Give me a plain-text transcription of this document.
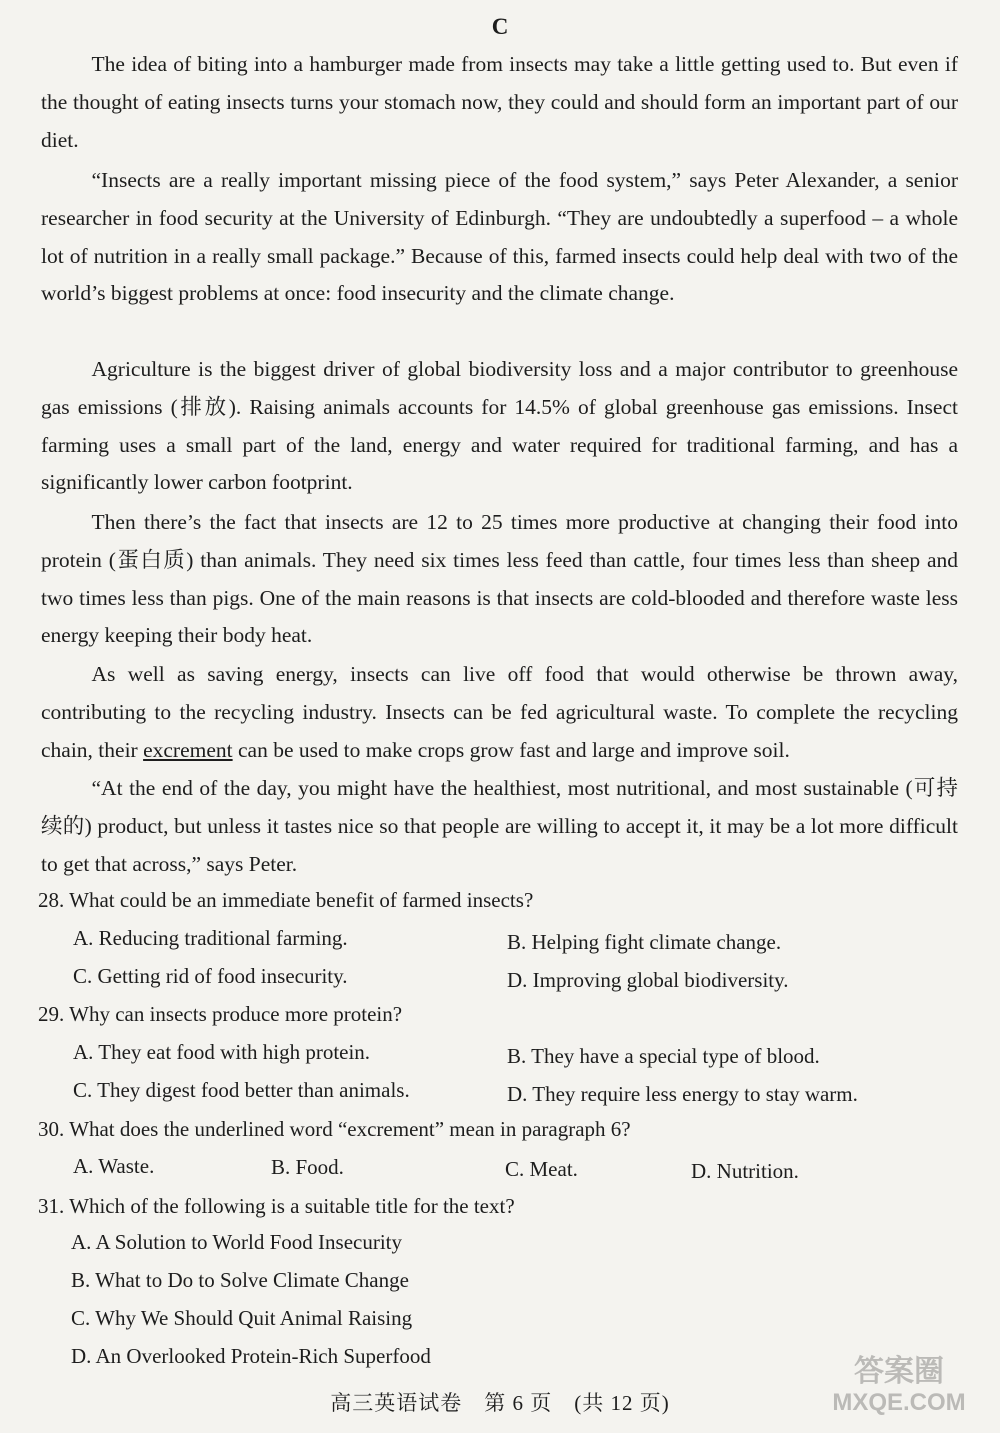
C

The idea of biting into a hamburger made from insects may take a little getting used to. But even if the thought of eating insects turns your stomach now, they could and should form an important part of our diet.

“Insects are a really important missing piece of the food system,” says Peter Alexander, a senior researcher in food security at the University of Edinburgh. “They are undoubtedly a superfood – a whole lot of nutrition in a really small package.” Because of this, farmed insects could help deal with two of the world’s biggest problems at once: food insecurity and the climate change.

Agriculture is the biggest driver of global biodiversity loss and a major contributor to greenhouse gas emissions (排放). Raising animals accounts for 14.5% of global greenhouse gas emissions. Insect farming uses a small part of the land, energy and water required for traditional farming, and has a significantly lower carbon footprint.

Then there’s the fact that insects are 12 to 25 times more productive at changing their food into protein (蛋白质) than animals. They need six times less feed than cattle, four times less than sheep and two times less than pigs. One of the main reasons is that insects are cold-blooded and therefore waste less energy keeping their body heat.

As well as saving energy, insects can live off food that would otherwise be thrown away, contributing to the recycling industry. Insects can be fed agricultural waste. To complete the recycling chain, their excrement can be used to make crops grow fast and large and improve soil.

“At the end of the day, you might have the healthiest, most nutritional, and most sustainable (可持续的) product, but unless it tastes nice so that people are willing to accept it, it may be a lot more difficult to get that across,” says Peter.

28. What could be an immediate benefit of farmed insects?

A. Reducing traditional farming.	B. Helping fight climate change.

C. Getting rid of food insecurity.	D. Improving global biodiversity.

29. Why can insects produce more protein?

A. They eat food with high protein.	B. They have a special type of blood.

C. They digest food better than animals.	D. They require less energy to stay warm.

30. What does the underlined word “excrement” mean in paragraph 6?

A. Waste.	B. Food.	C. Meat.	D. Nutrition.

31. Which of the following is a suitable title for the text?

A. A Solution to World Food Insecurity

B. What to Do to Solve Climate Change

C. Why We Should Quit Animal Raising

D. An Overlooked Protein-Rich Superfood

高三英语试卷　第 6 页　(共 12 页)
答案圈
MXQE.COM
